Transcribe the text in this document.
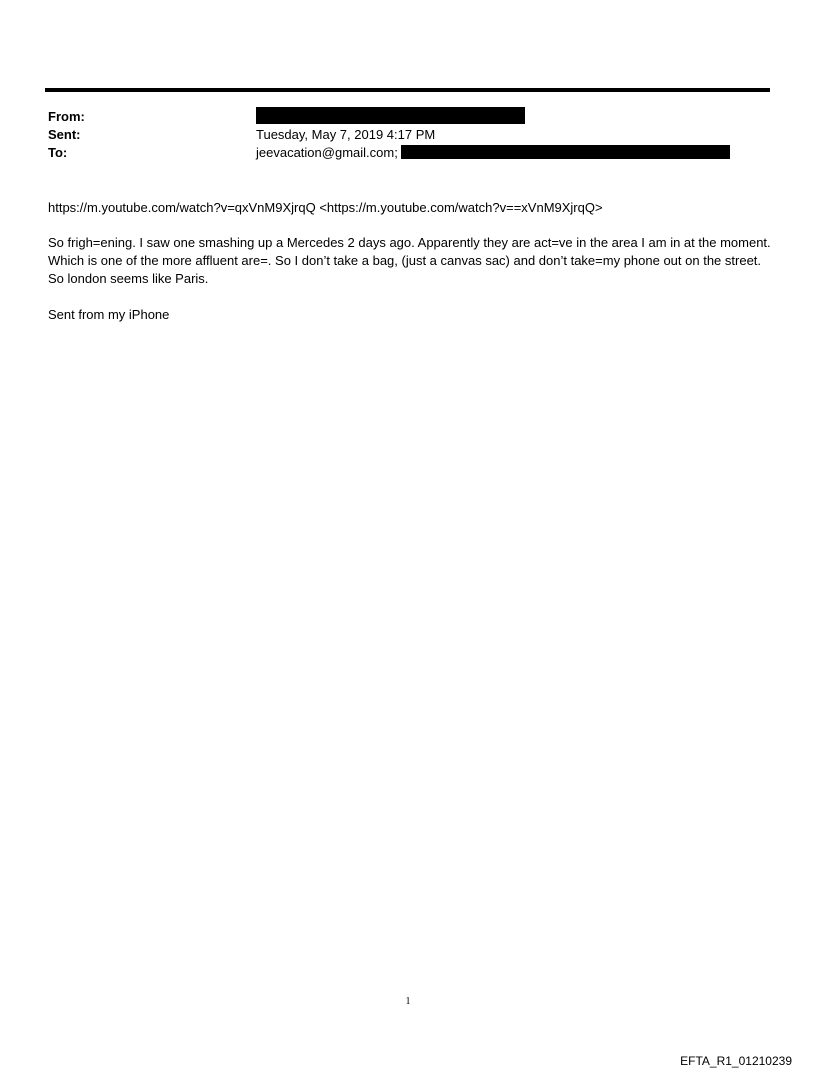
From:
Sent:	Tuesday, May 7, 2019 4:17 PM
To:	jeevacation@gmail.com;
https://m.youtube.com/watch?v=qxVnM9XjrqQ <https://m.youtube.com/watch?v==xVnM9XjrqQ>
So frigh=ening. I saw one smashing up a Mercedes 2 days ago. Apparently they are act=ve in the area I am in at the moment. Which is one of the more affluent are=. So I don’t take a bag, (just a canvas sac) and don’t take=my phone out on the street. So london seems like Paris.
Sent from my iPhone
1
EFTA_R1_01210239
